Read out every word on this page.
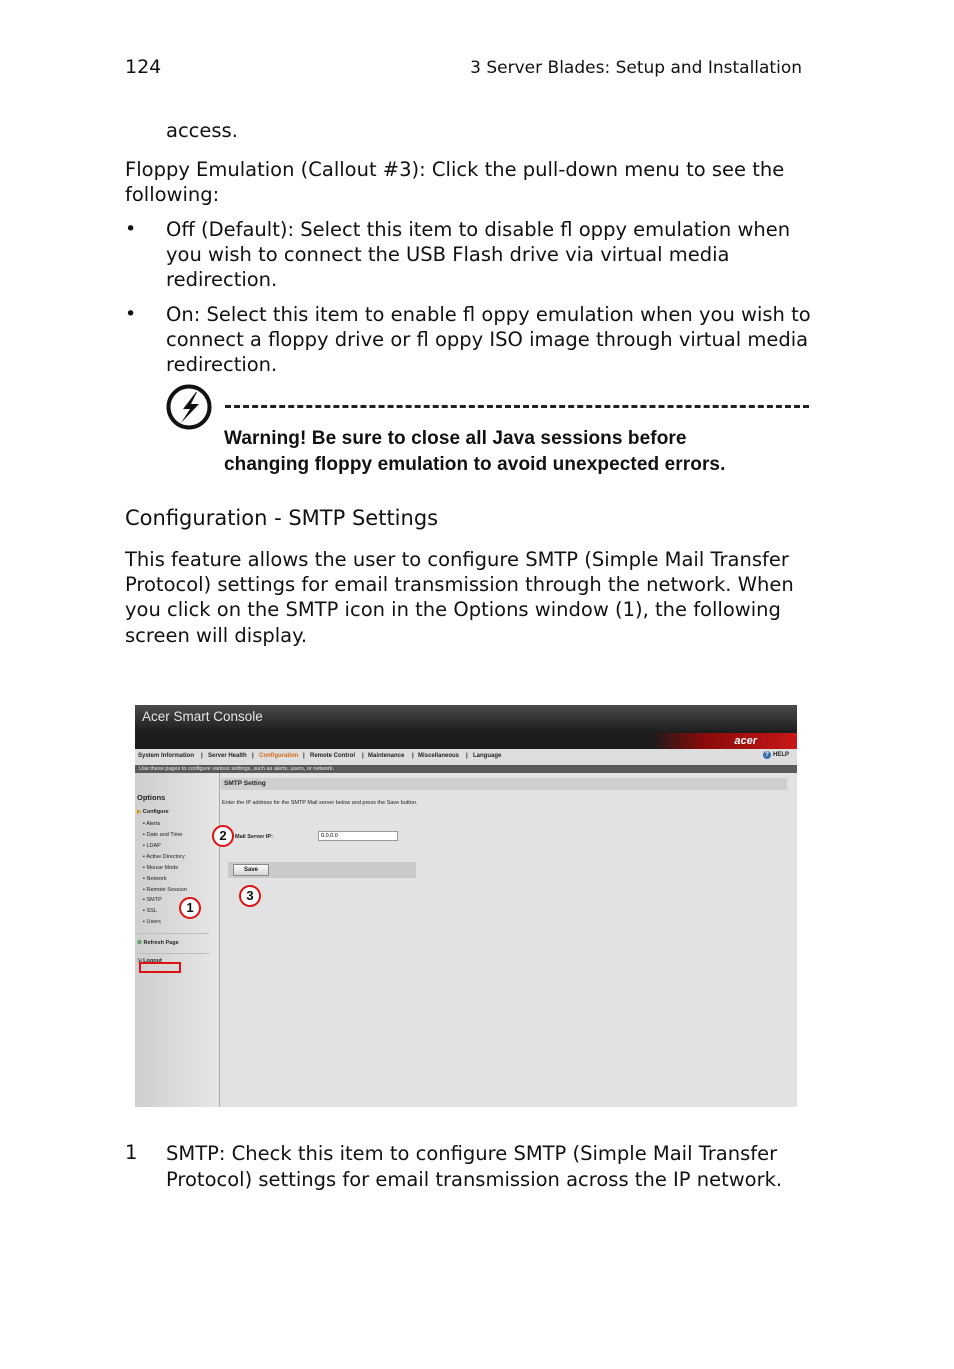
124	3 Server Blades: Setup and Installation

access.

Floppy Emulation (Callout #3): Click the pull-down menu to see the

following:

• Off (Default): Select this item to disable fl oppy emulation when

you wish to connect the USB Flash drive via virtual media

redirection.

• On: Select this item to enable fl oppy emulation when you wish to

connect a floppy drive or fl oppy ISO image through virtual media

redirection.

Warning! Be sure to close all Java sessions before
changing floppy emulation to avoid unexpected errors.
Configuration - SMTP Settings

This feature allows the user to configure SMTP (Simple Mail Transfer

Protocol) settings for email transmission through the network. When

you click on the SMTP icon in the Options window (1), the following

screen will display.

Acer Smart Console
acer
System Information | Server Health | Configuration | Remote Control | Maintenance | Miscellaneous | Language	? HELP
Use these pages to configure various settings, such as alerts, users, or network.
Options
▶ Configure
▪ Alerts
▪ Date and Time
▪ LDAP
▪ Active Directory
▪ Mouse Mode
▪ Network
▪ Remote Session
▪ SMTP
▪ SSL
▪ Users
♻ Refresh Page
⇲ Logout
SMTP Setting
Enter the IP address for the SMTP Mail server below and press the Save button.
Mail Server IP:
0.0.0.0
Save
1
2
3
1 SMTP: Check this item to configure SMTP (Simple Mail Transfer

Protocol) settings for email transmission across the IP network.
